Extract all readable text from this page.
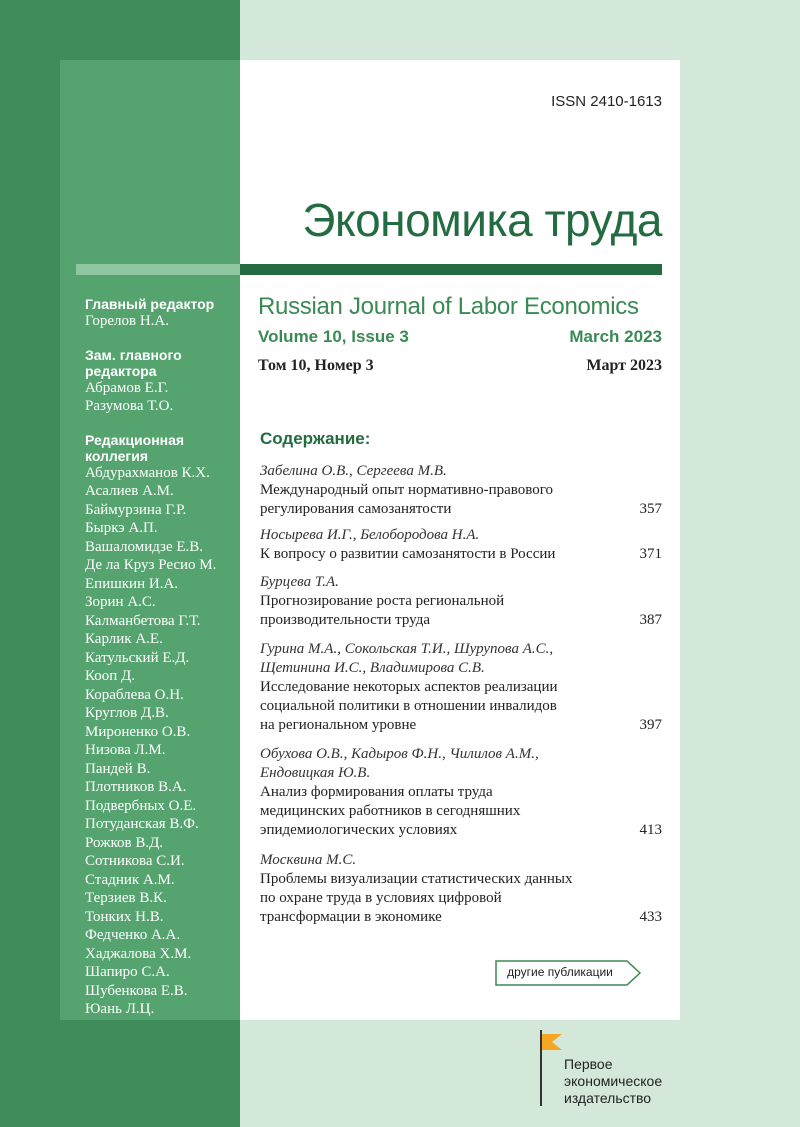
ISSN 2410-1613
Экономика труда
Russian Journal of Labor Economics
Volume 10, Issue 3	March 2023
Том 10, Номер 3	Март 2023
Главный редактор
Горелов Н.А.
Зам. главного редактора
Абрамов Е.Г.
Разумова Т.О.
Редакционная коллегия
Абдурахманов К.Х.
Асалиев А.М.
Баймурзина Г.Р.
Быркэ А.П.
Вашаломидзе Е.В.
Де ла Круз Ресио М.
Епишкин И.А.
Зорин А.С.
Калманбетова Г.Т.
Карлик А.Е.
Катульский Е.Д.
Кооп Д.
Кораблева О.Н.
Круглов Д.В.
Мироненко О.В.
Низова Л.М.
Пандей В.
Плотников В.А.
Подвербных О.Е.
Потуданская В.Ф.
Рожков В.Д.
Сотникова С.И.
Стадник А.М.
Терзиев В.К.
Тонких Н.В.
Федченко А.А.
Хаджалова Х.М.
Шапиро С.А.
Шубенкова Е.В.
Юань Л.Ц.
Содержание:
Забелина О.В., Сергеева М.В.
Международный опыт нормативно-правового
регулирования самозанятости	357
Носырева И.Г., Белобородова Н.А.
К вопросу о развитии самозанятости в России	371
Бурцева Т.А.
Прогнозирование роста региональной
производительности труда	387
Гурина М.А., Сокольская Т.И., Шурупова А.С.,
Щетинина И.С., Владимирова С.В.
Исследование некоторых аспектов реализации
социальной политики в отношении инвалидов
на региональном уровне	397
Обухова О.В., Кадыров Ф.Н., Чилилов А.М.,
Ендовицкая Ю.В.
Анализ формирования оплаты труда
медицинских работников в сегодняшних
эпидемиологических условиях	413
Москвина М.С.
Проблемы визуализации статистических данных
по охране труда в условиях цифровой
трансформации в экономике	433
другие публикации
Первое
экономическое
издательство
